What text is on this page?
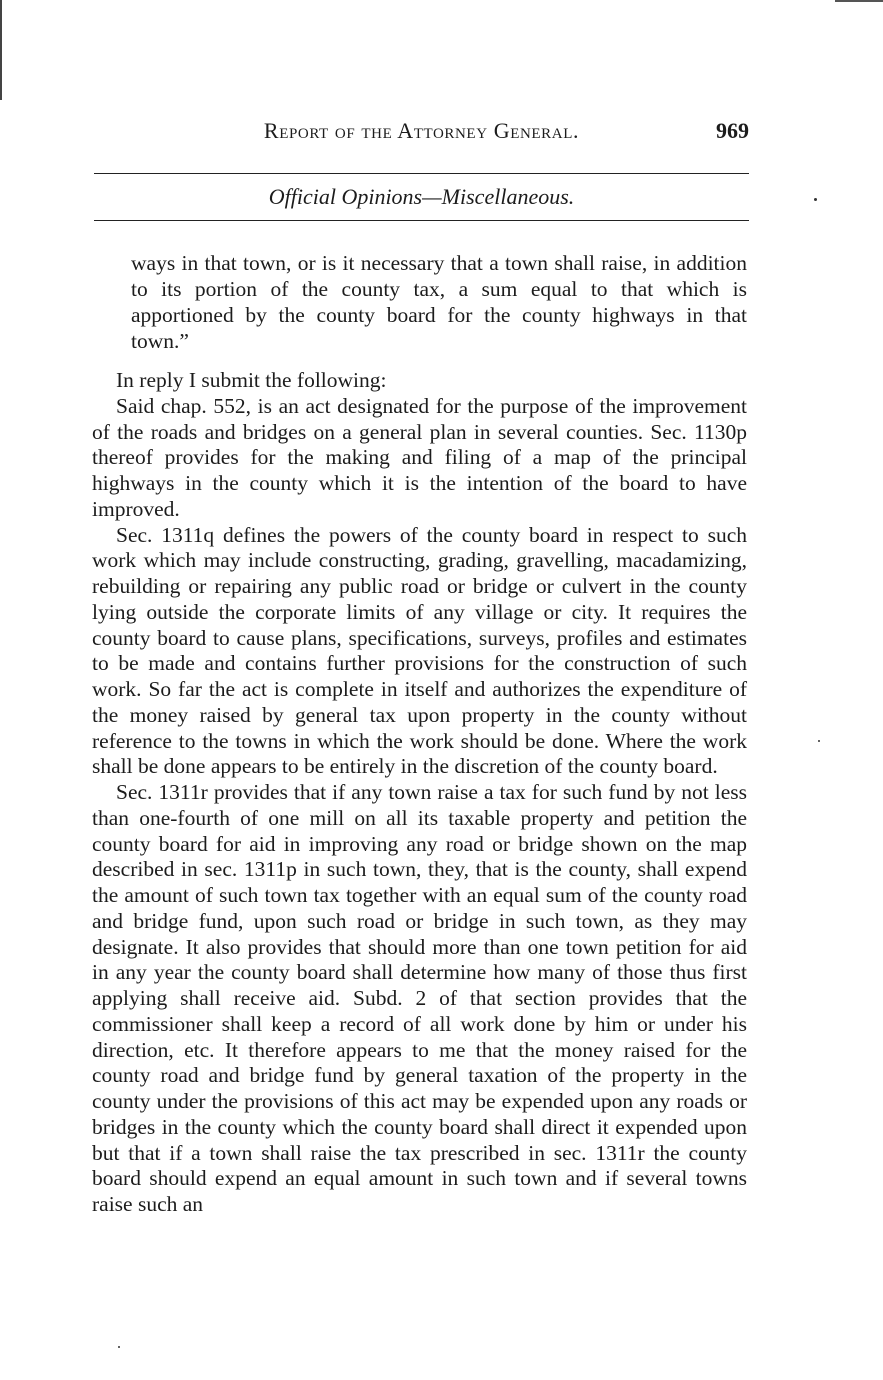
Report of the Attorney General.	969
Official Opinions—Miscellaneous.
ways in that town, or is it necessary that a town shall raise, in addition to its portion of the county tax, a sum equal to that which is apportioned by the county board for the county highways in that town.”

In reply I submit the following:

Said chap. 552, is an act designated for the purpose of the improvement of the roads and bridges on a general plan in several counties. Sec. 1130p thereof provides for the making and filing of a map of the principal highways in the county which it is the intention of the board to have improved.

Sec. 1311q defines the powers of the county board in respect to such work which may include constructing, grading, gravelling, macadamizing, rebuilding or repairing any public road or bridge or culvert in the county lying outside the corporate limits of any village or city. It requires the county board to cause plans, specifications, surveys, profiles and estimates to be made and contains further provisions for the construction of such work. So far the act is complete in itself and authorizes the expenditure of the money raised by general tax upon property in the county without reference to the towns in which the work should be done. Where the work shall be done appears to be entirely in the discretion of the county board.

Sec. 1311r provides that if any town raise a tax for such fund by not less than one-fourth of one mill on all its taxable property and petition the county board for aid in improving any road or bridge shown on the map described in sec. 1311p in such town, they, that is the county, shall expend the amount of such town tax together with an equal sum of the county road and bridge fund, upon such road or bridge in such town, as they may designate. It also provides that should more than one town petition for aid in any year the county board shall determine how many of those thus first applying shall receive aid. Subd. 2 of that section provides that the commissioner shall keep a record of all work done by him or under his direction, etc. It therefore appears to me that the money raised for the county road and bridge fund by general taxation of the property in the county under the provisions of this act may be expended upon any roads or bridges in the county which the county board shall direct it expended upon but that if a town shall raise the tax prescribed in sec. 1311r the county board should expend an equal amount in such town and if several towns raise such an
